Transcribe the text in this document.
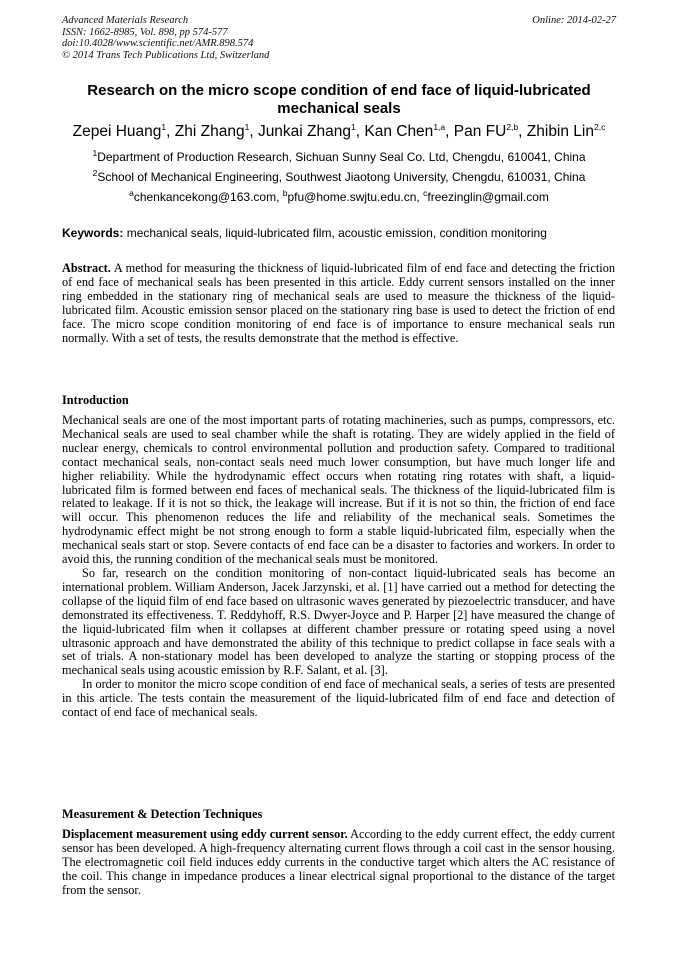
Advanced Materials Research
ISSN: 1662-8985, Vol. 898, pp 574-577
doi:10.4028/www.scientific.net/AMR.898.574
© 2014 Trans Tech Publications Ltd, Switzerland
Online: 2014-02-27
Research on the micro scope condition of end face of liquid-lubricated mechanical seals
Zepei Huang$^1$, Zhi Zhang$^1$, Junkai Zhang$^1$, Kan Chen$^{1,a}$, Pan FU$^{2,b}$, Zhibin Lin$^{2,c}$
$^1$Department of Production Research, Sichuan Sunny Seal Co. Ltd, Chengdu, 610041, China
$^2$School of Mechanical Engineering, Southwest Jiaotong University, Chengdu, 610031, China
$^a$chenkancekong@163.com, $^b$pfu@home.swjtu.edu.cn, $^c$freezinglin@gmail.com
Keywords: mechanical seals, liquid-lubricated film, acoustic emission, condition monitoring

Abstract. A method for measuring the thickness of liquid-lubricated film of end face and detecting the friction of end face of mechanical seals has been presented in this article. Eddy current sensors installed on the inner ring embedded in the stationary ring of mechanical seals are used to measure the thickness of the liquid-lubricated film. Acoustic emission sensor placed on the stationary ring base is used to detect the friction of end face. The micro scope condition monitoring of end face is of importance to ensure mechanical seals run normally. With a set of tests, the results demonstrate that the method is effective.

Introduction

Mechanical seals are one of the most important parts of rotating machineries, such as pumps, compressors, etc. Mechanical seals are used to seal chamber while the shaft is rotating. They are widely applied in the field of nuclear energy, chemicals to control environmental pollution and production safety. Compared to traditional contact mechanical seals, non-contact seals need much lower consumption, but have much longer life and higher reliability. While the hydrodynamic effect occurs when rotating ring rotates with shaft, a liquid-lubricated film is formed between end faces of mechanical seals. The thickness of the liquid-lubricated film is related to leakage. If it is not so thick, the leakage will increase. But if it is not so thin, the friction of end face will occur. This phenomenon reduces the life and reliability of the mechanical seals. Sometimes the hydrodynamic effect might be not strong enough to form a stable liquid-lubricated film, especially when the mechanical seals start or stop. Severe contacts of end face can be a disaster to factories and workers. In order to avoid this, the running condition of the mechanical seals must be monitored.

So far, research on the condition monitoring of non-contact liquid-lubricated seals has become an international problem. William Anderson, Jacek Jarzynski, et al. [1] have carried out a method for detecting the collapse of the liquid film of end face based on ultrasonic waves generated by piezoelectric transducer, and have demonstrated its effectiveness. T. Reddyhoff, R.S. Dwyer-Joyce and P. Harper [2] have measured the change of the liquid-lubricated film when it collapses at different chamber pressure or rotating speed using a novel ultrasonic approach and have demonstrated the ability of this technique to predict collapse in face seals with a set of trials. A non-stationary model has been developed to analyze the starting or stopping process of the mechanical seals using acoustic emission by R.F. Salant, et al. [3].

In order to monitor the micro scope condition of end face of mechanical seals, a series of tests are presented in this article. The tests contain the measurement of the liquid-lubricated film of end face and detection of contact of end face of mechanical seals.

Measurement & Detection Techniques

Displacement measurement using eddy current sensor. According to the eddy current effect, the eddy current sensor has been developed. A high-frequency alternating current flows through a coil cast in the sensor housing. The electromagnetic coil field induces eddy currents in the conductive target which alters the AC resistance of the coil. This change in impedance produces a linear electrical signal proportional to the distance of the target from the sensor.
